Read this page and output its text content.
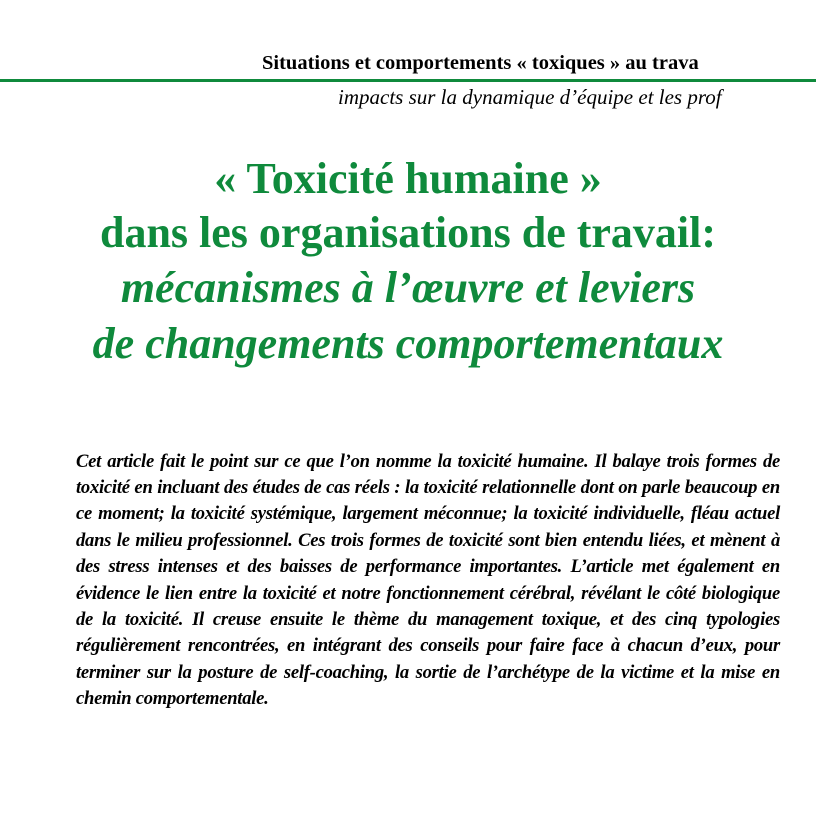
Situations et comportements « toxiques » au trava
impacts sur la dynamique d’équipe et les prof
« Toxicité humaine »
dans les organisations de travail:
mécanismes à l’œuvre et leviers
de changements comportementaux

Cet article fait le point sur ce que l’on nomme la toxicité humaine. Il balaye trois formes de toxicité en incluant des études de cas réels : la toxicité relationnelle dont on parle beaucoup en ce moment; la toxicité systémique, largement méconnue; la toxicité individuelle, fléau actuel dans le milieu professionnel. Ces trois formes de toxicité sont bien entendu liées, et mènent à des stress intenses et des baisses de performance importantes. L’article met également en évidence le lien entre la toxicité et notre fonctionnement cérébral, révélant le côté biologique de la toxicité. Il creuse ensuite le thème du management toxique, et des cinq typologies régulièrement rencontrées, en intégrant des conseils pour faire face à chacun d’eux, pour terminer sur la posture de self-coaching, la sortie de l’archétype de la victime et la mise en chemin comportementale.
